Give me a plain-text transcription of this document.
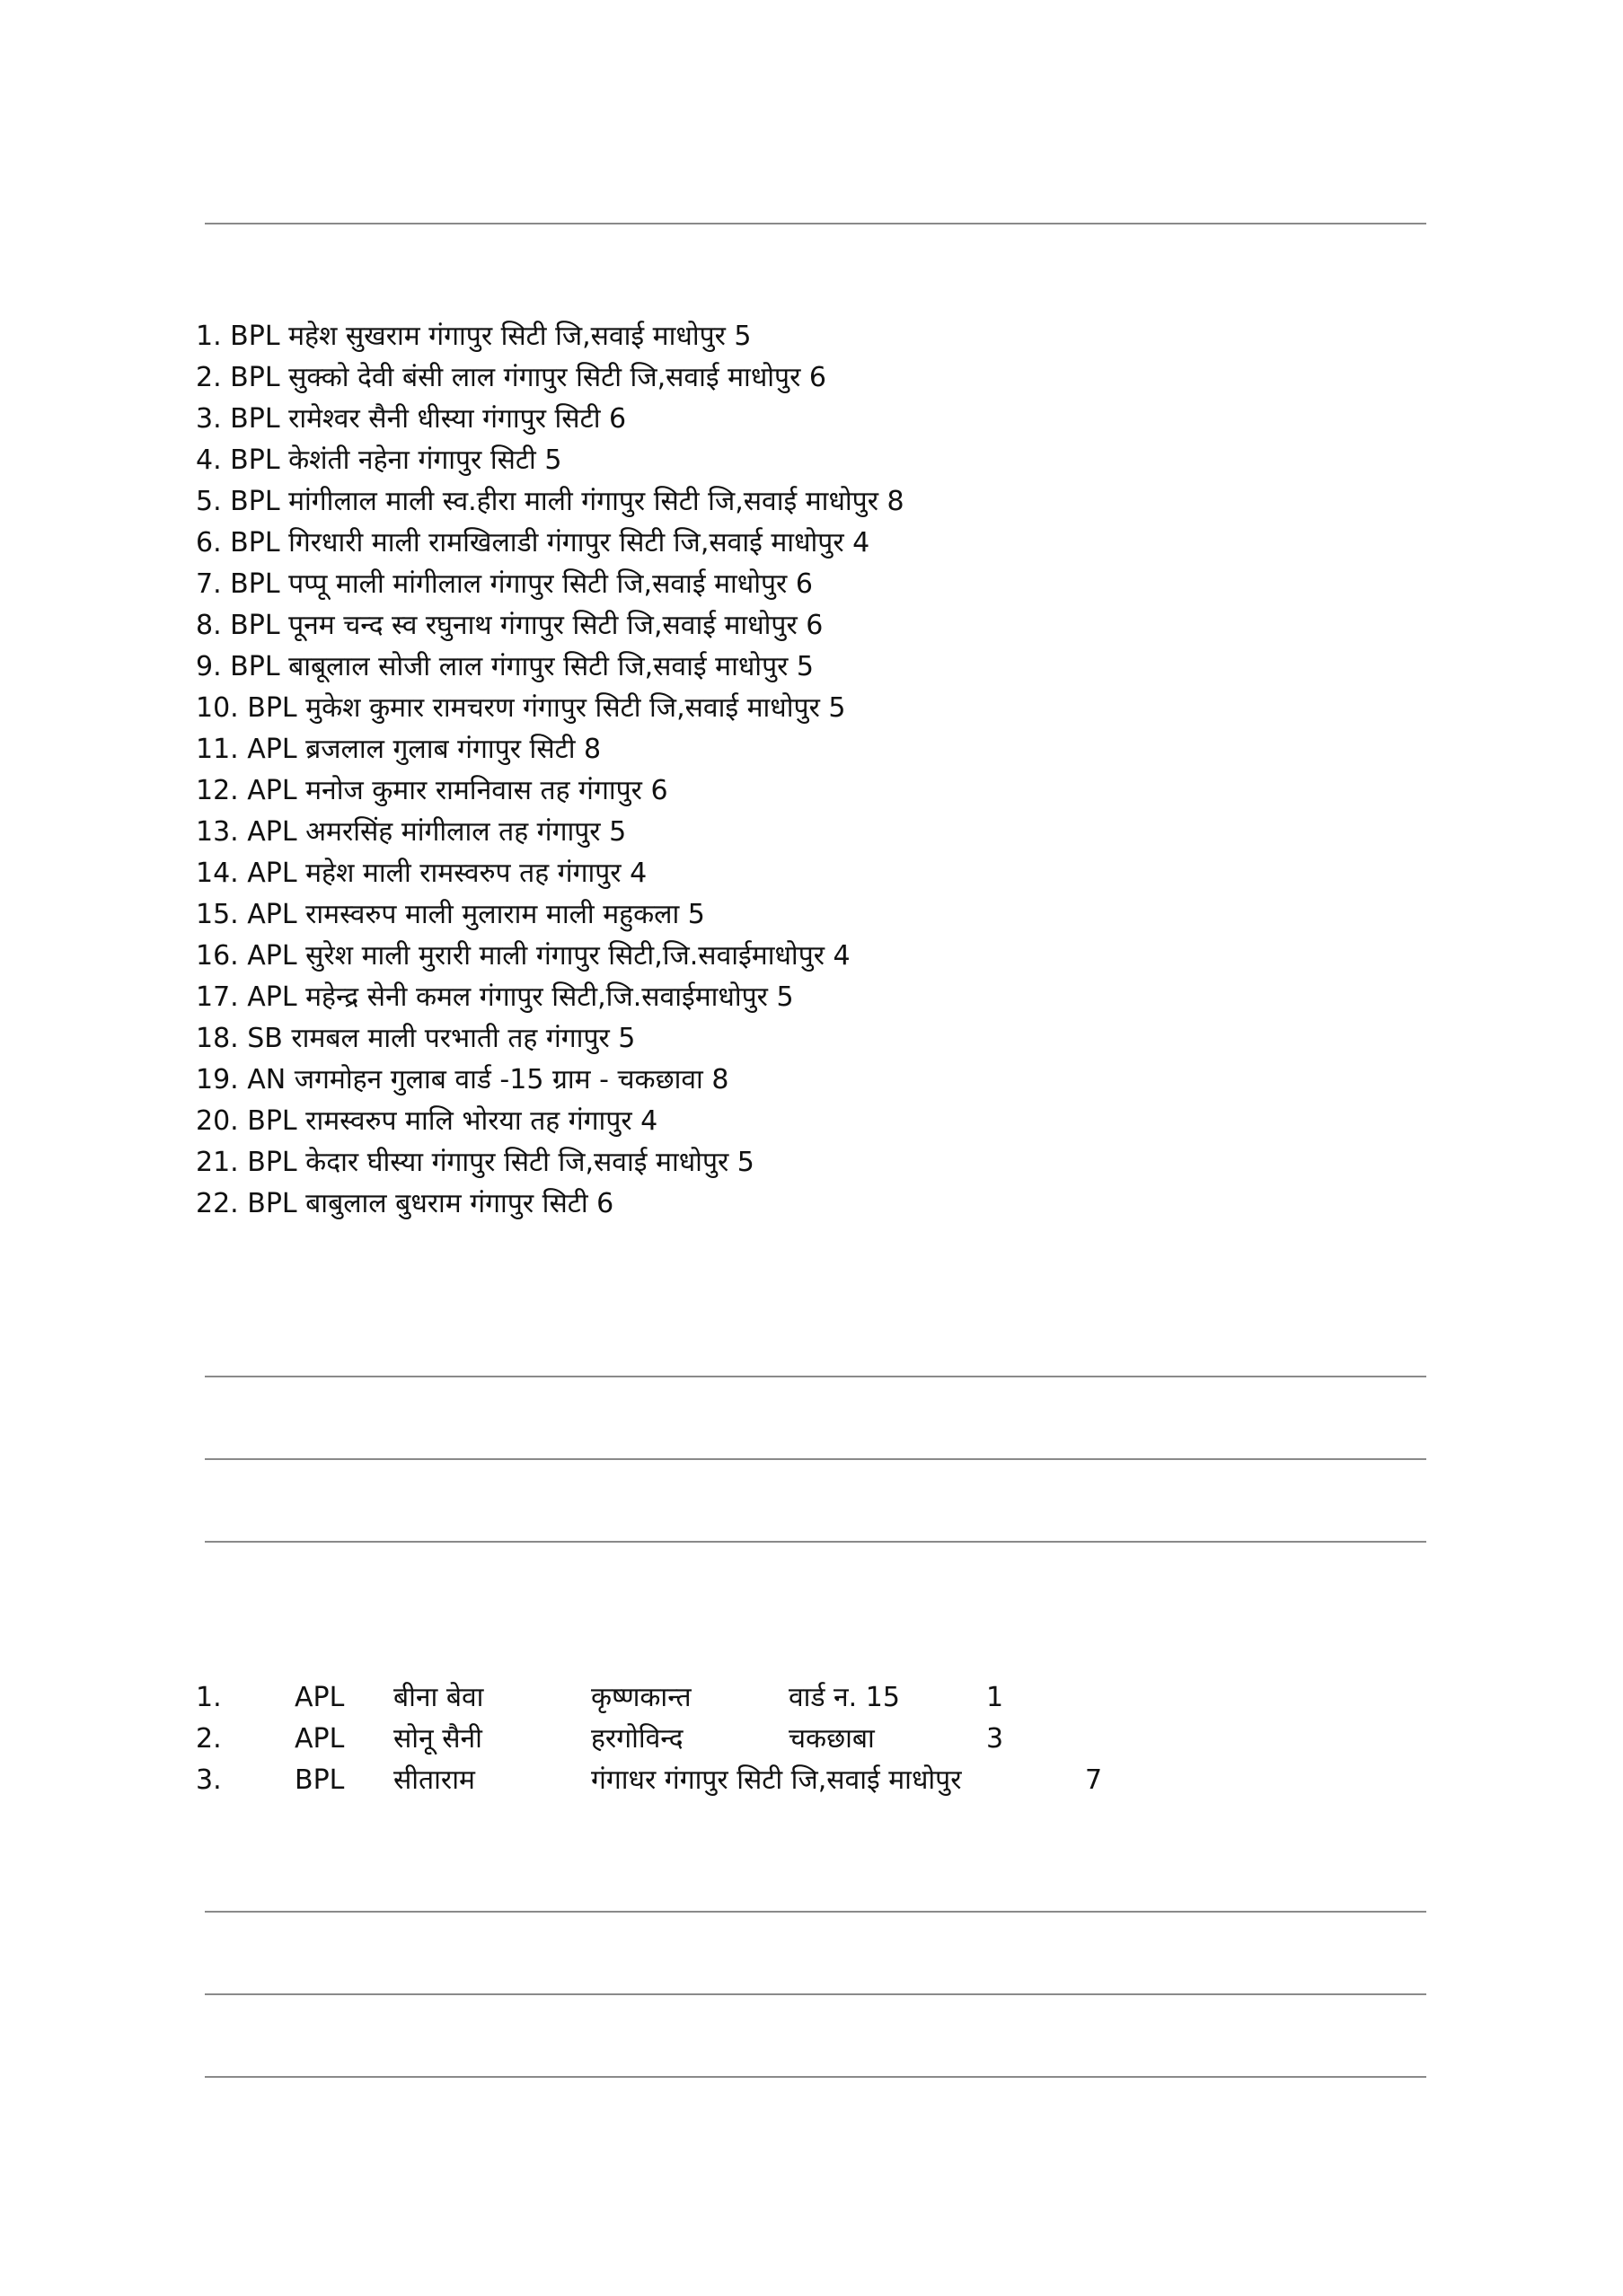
1. BPL महेश सुखराम गंगापुर सिटी जि,सवाई माधोपुर 5
2. BPL सुक्को देवी बंसी लाल गंगापुर सिटी जि,सवाई माधोपुर 6
3. BPL रामेश्वर सैनी धीस्या गंगापुर सिटी 6
4. BPL केशंती नहेना गंगापुर सिटी 5
5. BPL मांगीलाल माली स्व.हीरा माली गंगापुर सिटी जि,सवाई माधोपुर 8
6. BPL गिरधारी माली रामखिलाडी गंगापुर सिटी जि,सवाई माधोपुर 4
7. BPL पप्पू माली मांगीलाल गंगापुर सिटी जि,सवाई माधोपुर 6
8. BPL पूनम चन्द स्व रघुनाथ गंगापुर सिटी जि,सवाई माधोपुर 6
9. BPL बाबूलाल सोजी लाल गंगापुर सिटी जि,सवाई माधोपुर 5
10. BPL मुकेश कुमार रामचरण गंगापुर सिटी जि,सवाई माधोपुर 5
11. APL ब्रजलाल गुलाब गंगापुर सिटी 8
12. APL मनोज कुमार रामनिवास तह गंगापुर 6
13. APL अमरसिंह मांगीलाल तह गंगापुर 5
14. APL महेश माली रामस्वरुप तह गंगापुर 4
15. APL रामस्वरुप माली मुलाराम माली महुकला 5
16. APL सुरेश माली मुरारी माली गंगापुर सिटी,जि.सवाईमाधोपुर 4
17. APL महेन्द्र सेनी कमल गंगापुर सिटी,जि.सवाईमाधोपुर 5
18. SB रामबल माली परभाती तह गंगापुर 5
19. AN जगमोहन गुलाब वार्ड -15 ग्राम - चकछावा 8
20. BPL रामस्वरुप मालि भोरया तह गंगापुर 4
21. BPL केदार घीस्या गंगापुर सिटी जि,सवाई माधोपुर 5
22. BPL बाबुलाल बुधराम गंगापुर सिटी 6
1.	APL बीना बेवा	कृष्णकान्त	वार्ड न. 15	1
2.	APL सोनू सैनी	हरगोविन्द	चकछाबा	3
3.	BPL सीताराम	गंगाधर गंगापुर सिटी जि,सवाई माधोपुर	7
